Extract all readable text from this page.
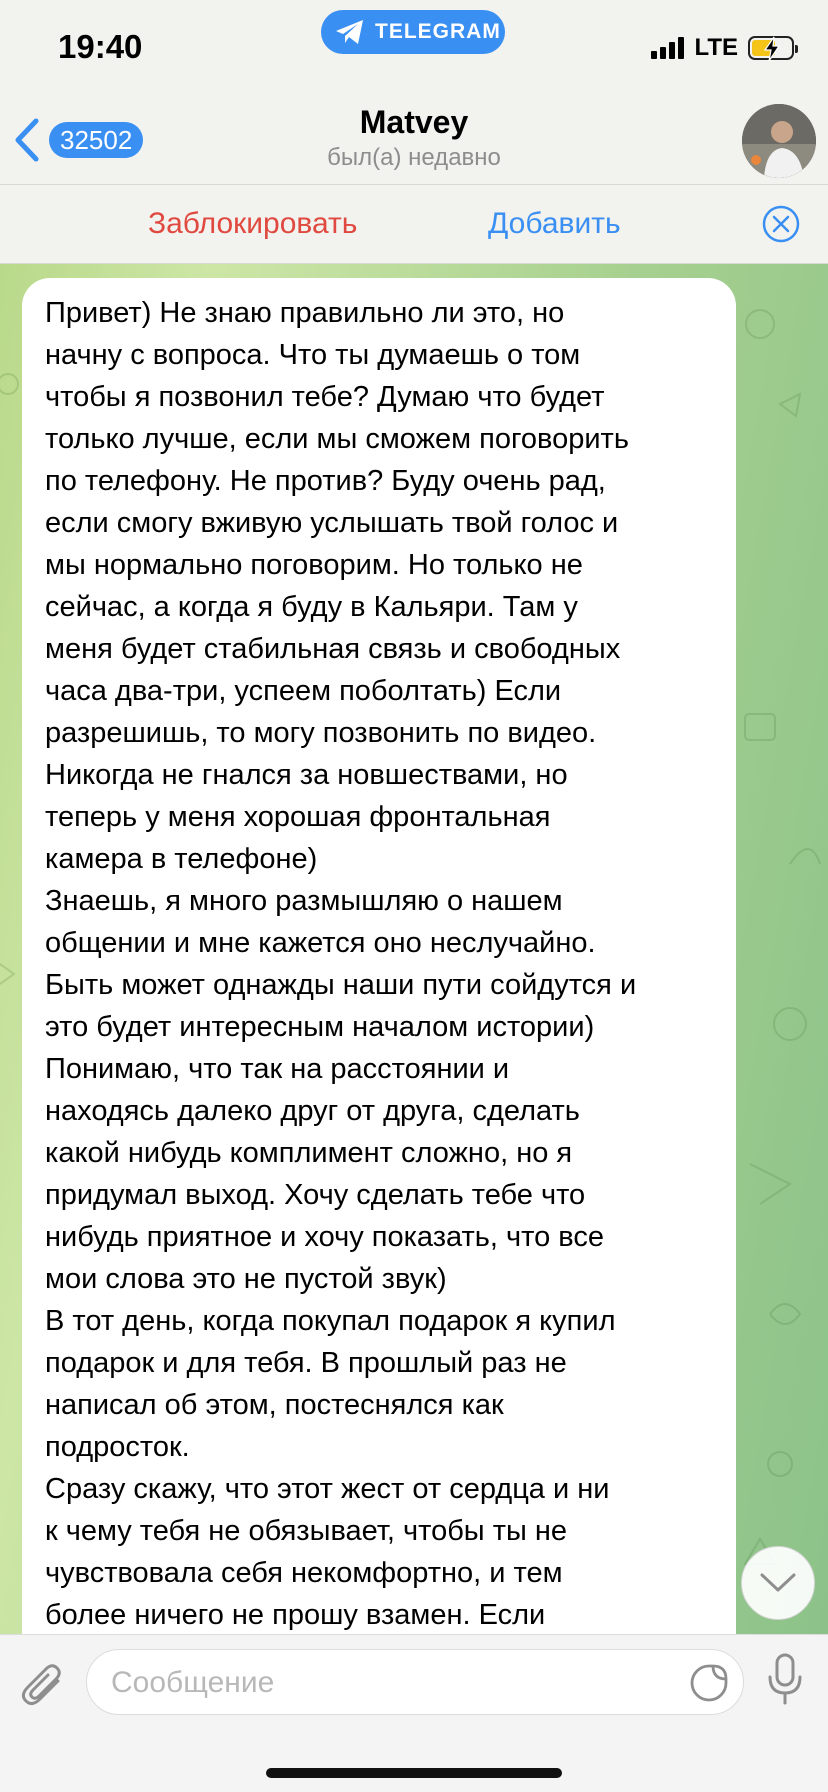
19:40	TELEGRAM
LTE
32502	Matvey
был(а) недавно
Заблокировать	Добавить
Привет) Не знаю правильно ли это, но
начну с вопроса. Что ты думаешь о том
чтобы я позвонил тебе? Думаю что будет
только лучше, если мы сможем поговорить
по телефону. Не против? Буду очень рад,
если смогу вживую услышать твой голос и
мы нормально поговорим. Но только не
сейчас, а когда я буду в Кальяри. Там у
меня будет стабильная связь и свободных
часа два-три, успеем поболтать) Если
разрешишь, то могу позвонить по видео.
Никогда не гнался за новшествами, но
теперь у меня хорошая фронтальная
камера в телефоне)
Знаешь, я много размышляю о нашем
общении и мне кажется оно неслучайно.
Быть может однажды наши пути сойдутся и
это будет интересным началом истории)
Понимаю, что так на расстоянии и
находясь далеко друг от друга, сделать
какой нибудь комплимент сложно, но я
придумал выход. Хочу сделать тебе что
нибудь приятное и хочу показать, что все
мои слова это не пустой звук)
В тот день, когда покупал подарок я купил
подарок и для тебя. В прошлый раз не
написал об этом, постеснялся как
подросток.
Сразу скажу, что этот жест от сердца и ни
к чему тебя не обязывает, чтобы ты не
чувствовала себя некомфортно, и тем
более ничего не прошу взамен. Если
Сообщение
